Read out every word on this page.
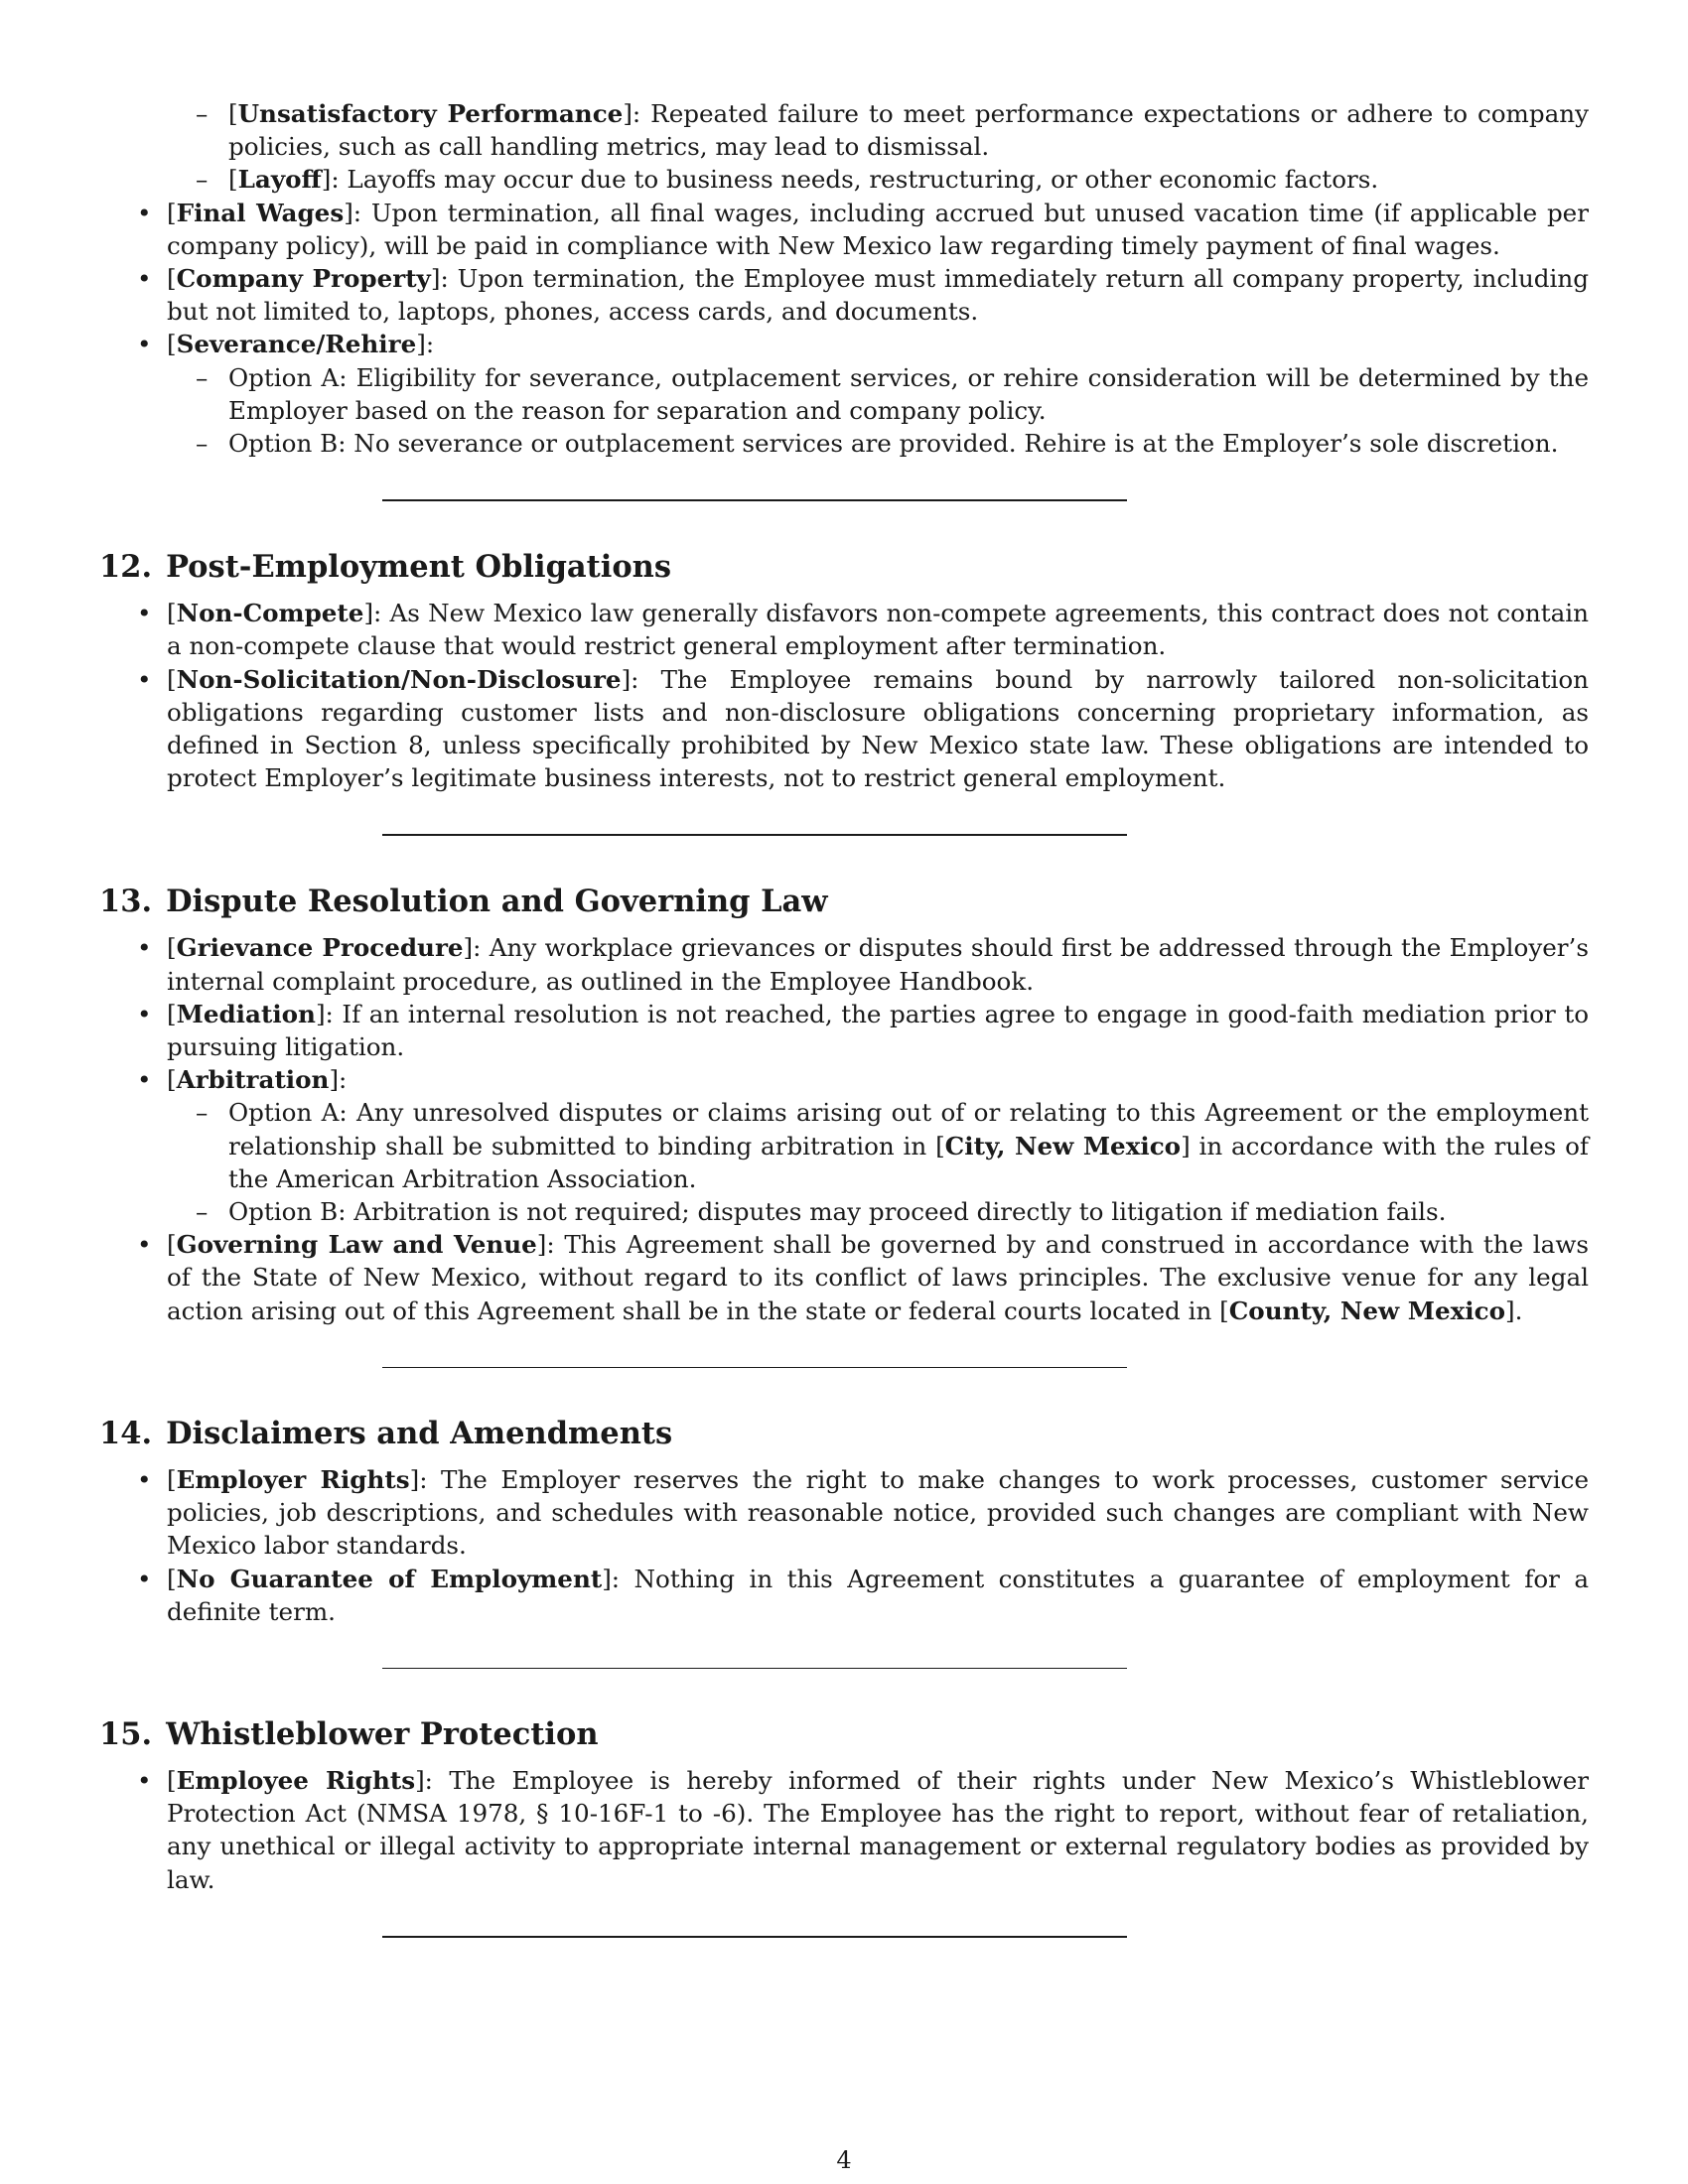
– [Unsatisfactory Performance]: Repeated failure to meet performance expectations or adhere to company policies, such as call handling metrics, may lead to dismissal.
– [Layoff]: Layoffs may occur due to business needs, restructuring, or other economic factors.
• [Final Wages]: Upon termination, all final wages, including accrued but unused vacation time (if applicable per company policy), will be paid in compliance with New Mexico law regarding timely payment of final wages.
• [Company Property]: Upon termination, the Employee must immediately return all company property, including but not limited to, laptops, phones, access cards, and documents.
• [Severance/Rehire]:
– Option A: Eligibility for severance, outplacement services, or rehire consideration will be determined by the Employer based on the reason for separation and company policy.
– Option B: No severance or outplacement services are provided. Rehire is at the Employer’s sole discretion.
12. Post-Employment Obligations
• [Non-Compete]: As New Mexico law generally disfavors non-compete agreements, this contract does not contain a non-compete clause that would restrict general employment after termination.
• [Non-Solicitation/Non-Disclosure]: The Employee remains bound by narrowly tailored non-solicitation obligations regarding customer lists and non-disclosure obligations concerning proprietary information, as defined in Section 8, unless specifically prohibited by New Mexico state law. These obligations are intended to protect Employer’s legitimate business interests, not to restrict general employment.
13. Dispute Resolution and Governing Law
• [Grievance Procedure]: Any workplace grievances or disputes should first be addressed through the Employer’s internal complaint procedure, as outlined in the Employee Handbook.
• [Mediation]: If an internal resolution is not reached, the parties agree to engage in good-faith mediation prior to pursuing litigation.
• [Arbitration]:
– Option A: Any unresolved disputes or claims arising out of or relating to this Agreement or the employment relationship shall be submitted to binding arbitration in [City, New Mexico] in accordance with the rules of the American Arbitration Association.
– Option B: Arbitration is not required; disputes may proceed directly to litigation if mediation fails.
• [Governing Law and Venue]: This Agreement shall be governed by and construed in accordance with the laws of the State of New Mexico, without regard to its conflict of laws principles. The exclusive venue for any legal action arising out of this Agreement shall be in the state or federal courts located in [County, New Mexico].
14. Disclaimers and Amendments
• [Employer Rights]: The Employer reserves the right to make changes to work processes, customer service policies, job descriptions, and schedules with reasonable notice, provided such changes are compliant with New Mexico labor standards.
• [No Guarantee of Employment]: Nothing in this Agreement constitutes a guarantee of employment for a definite term.
15. Whistleblower Protection
• [Employee Rights]: The Employee is hereby informed of their rights under New Mexico’s Whistleblower Protection Act (NMSA 1978, § 10-16F-1 to -6). The Employee has the right to report, without fear of retaliation, any unethical or illegal activity to appropriate internal management or external regulatory bodies as provided by law.
4
